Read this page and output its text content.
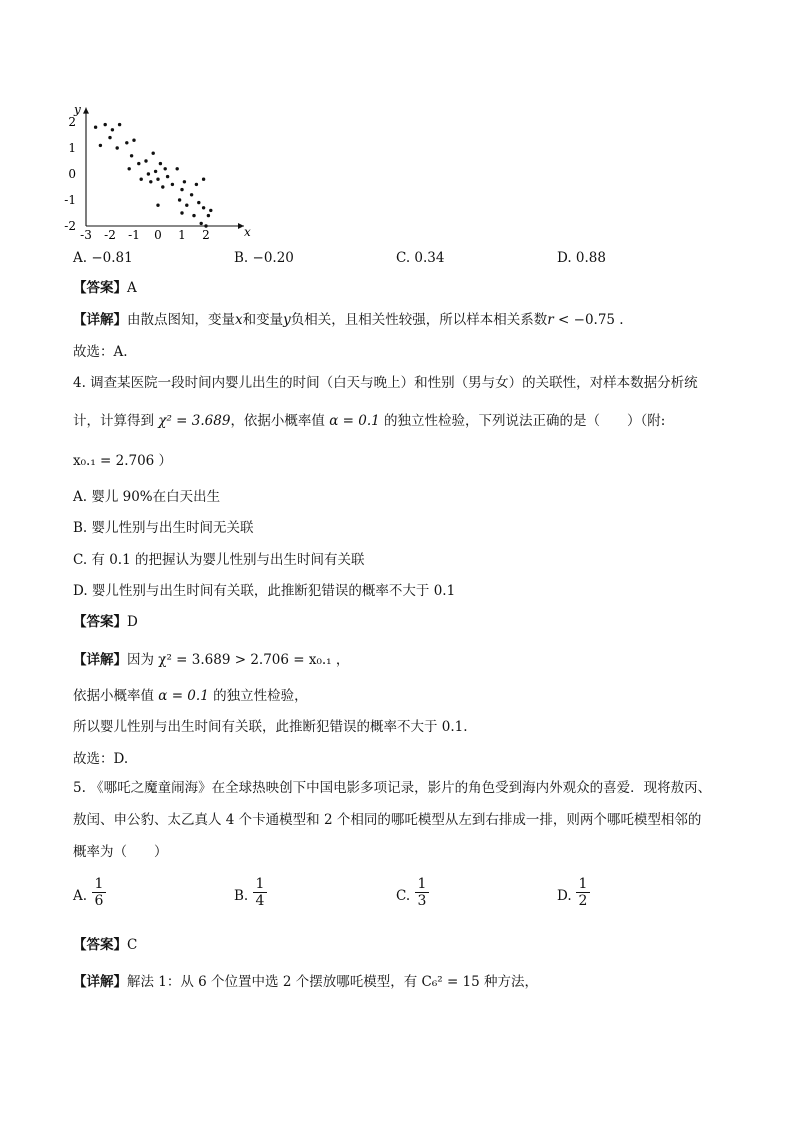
x
y
-3 -2 -1 0 1 2
2
1
0
-1
-2
A. −0.81	B. −0.20	C. 0.34	D. 0.88
【答案】A
【详解】由散点图知，变量x和变量y负相关，且相关性较强，所以样本相关系数r < −0.75 .
故选：A.
4. 调查某医院一段时间内婴儿出生的时间（白天与晚上）和性别（男与女）的关联性，对样本数据分析统
计，计算得到 χ² = 3.689，依据小概率值 α = 0.1 的独立性检验，下列说法正确的是（　　）（附:
x₀.₁ = 2.706 ）
A. 婴儿 90%在白天出生
B. 婴儿性别与出生时间无关联
C. 有 0.1 的把握认为婴儿性别与出生时间有关联
D. 婴儿性别与出生时间有关联，此推断犯错误的概率不大于 0.1
【答案】D
【详解】因为 χ² = 3.689 > 2.706 = x₀.₁ ，
依据小概率值 α = 0.1 的独立性检验，
所以婴儿性别与出生时间有关联，此推断犯错误的概率不大于 0.1.
故选：D.
5. 《哪吒之魔童闹海》在全球热映创下中国电影多项记录，影片的角色受到海内外观众的喜爱．现将敖丙、
敖闰、申公豹、太乙真人 4 个卡通模型和 2 个相同的哪吒模型从左到右排成一排，则两个哪吒模型相邻的
概率为（　　）
A. $\frac{1}{6}$	B. $\frac{1}{4}$	C. $\frac{1}{3}$	D. $\frac{1}{2}$
【答案】C
【详解】解法 1：从 6 个位置中选 2 个摆放哪吒模型，有 C₆² = 15 种方法，
